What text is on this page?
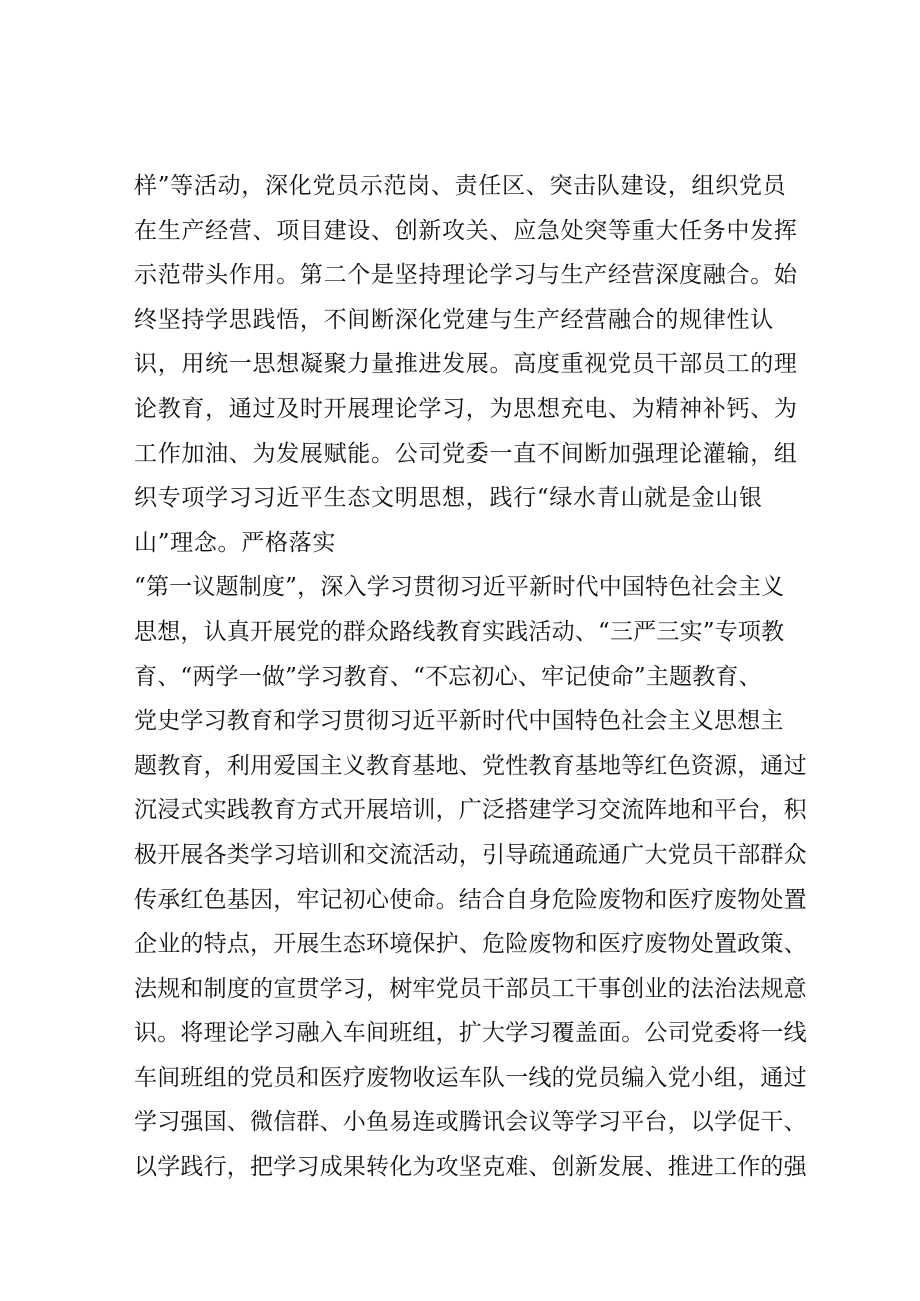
样”等活动，深化党员示范岗、责任区、突击队建设，组织党员
在生产经营、项目建设、创新攻关、应急处突等重大任务中发挥
示范带头作用。第二个是坚持理论学习与生产经营深度融合。始
终坚持学思践悟，不间断深化党建与生产经营融合的规律性认
识，用统一思想凝聚力量推进发展。高度重视党员干部员工的理
论教育，通过及时开展理论学习，为思想充电、为精神补钙、为
工作加油、为发展赋能。公司党委一直不间断加强理论灌输，组
织专项学习习近平生态文明思想，践行“绿水青山就是金山银
山”理念。严格落实
“第一议题制度”，深入学习贯彻习近平新时代中国特色社会主义
思想，认真开展党的群众路线教育实践活动、“三严三实”专项教
育、“两学一做”学习教育、“不忘初心、牢记使命”主题教育、
党史学习教育和学习贯彻习近平新时代中国特色社会主义思想主
题教育，利用爱国主义教育基地、党性教育基地等红色资源，通过
沉浸式实践教育方式开展培训，广泛搭建学习交流阵地和平台，积
极开展各类学习培训和交流活动，引导疏通疏通广大党员干部群众
传承红色基因，牢记初心使命。结合自身危险废物和医疗废物处置
企业的特点，开展生态环境保护、危险废物和医疗废物处置政策、
法规和制度的宣贯学习，树牢党员干部员工干事创业的法治法规意
识。将理论学习融入车间班组，扩大学习覆盖面。公司党委将一线
车间班组的党员和医疗废物收运车队一线的党员编入党小组，通过
学习强国、微信群、小鱼易连或腾讯会议等学习平台，以学促干、
以学践行，把学习成果转化为攻坚克难、创新发展、推进工作的强
